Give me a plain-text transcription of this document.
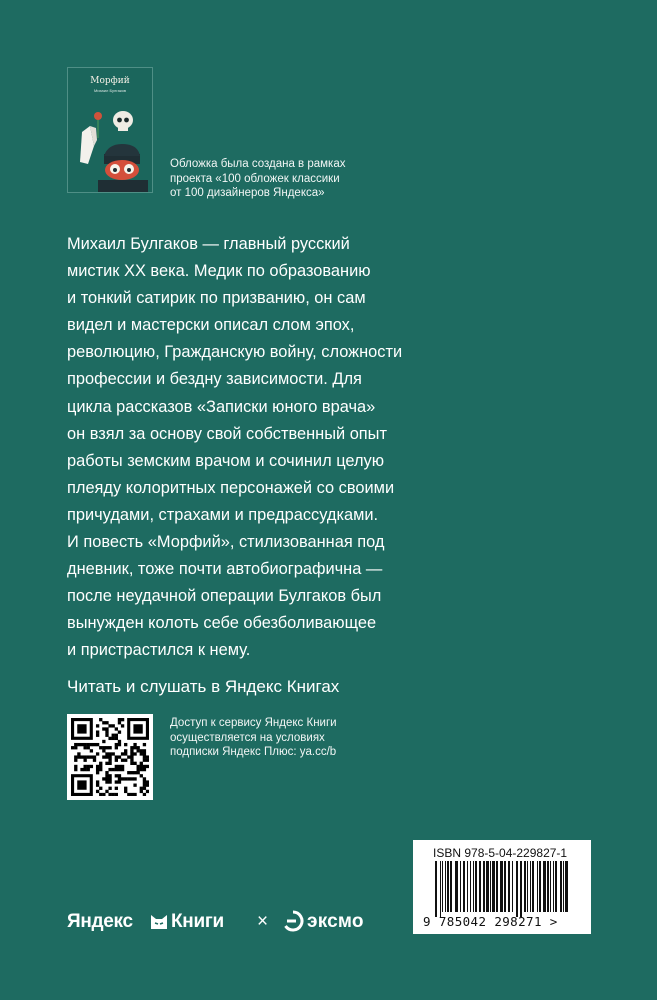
Морфий
Михаил Булгаков
Обложка была создана в рамках
проекта «100 обложек классики
от 100 дизайнеров Яндекса»
Михаил Булгаков — главный русский
мистик XX века. Медик по образованию
и тонкий сатирик по призванию, он сам
видел и мастерски описал слом эпох,
революцию, Гражданскую войну, сложности
профессии и бездну зависимости. Для
цикла рассказов «Записки юного врача»
он взял за основу свой собственный опыт
работы земским врачом и сочинил целую
плеяду колоритных персонажей со своими
причудами, страхами и предрассудками.
И повесть «Морфий», стилизованная под
дневник, тоже почти автобиографична —
после неудачной операции Булгаков был
вынужден колоть себе обезболивающее
и пристрастился к нему.
Читать и слушать в Яндекс Книгах
Доступ к сервису Яндекс Книги
осуществляется на условиях
подписки Яндекс Плюс: ya.cc/b
ISBN 978-5-04-229827-1
9 785042 298271 >
Яндекс Книги × эксмо
